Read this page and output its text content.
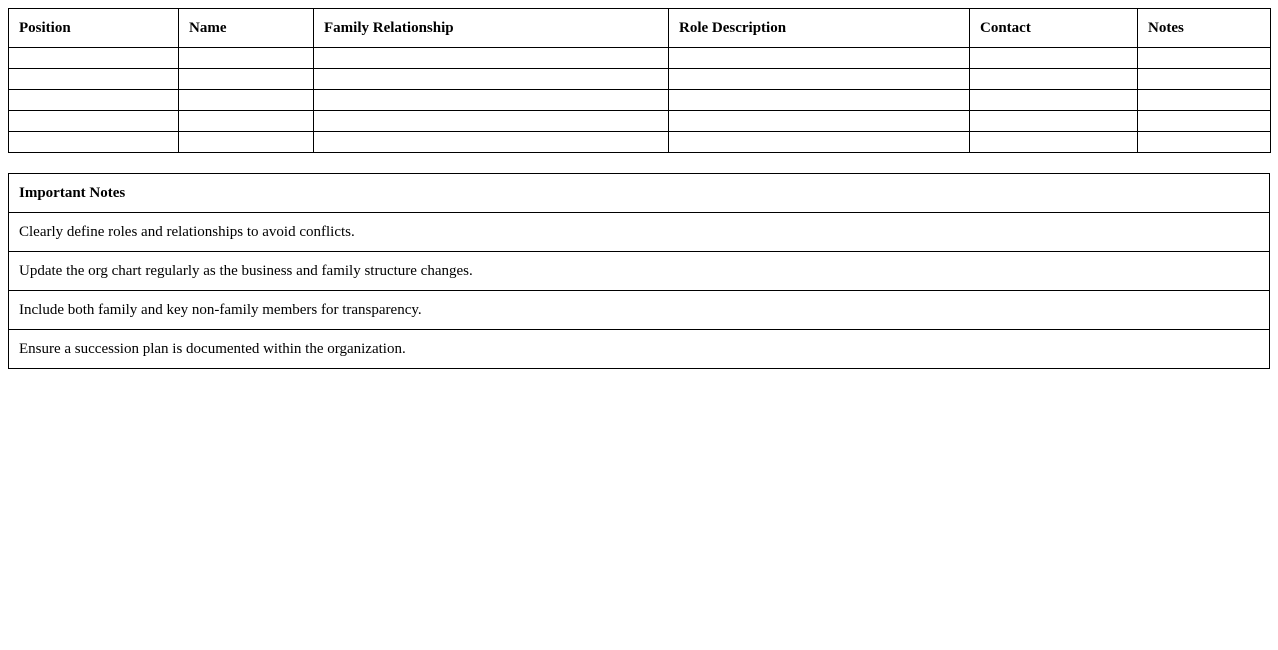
Position	Name	Family Relationship	Role Description	Contact	Notes

Important Notes
Clearly define roles and relationships to avoid conflicts.
Update the org chart regularly as the business and family structure changes.
Include both family and key non-family members for transparency.
Ensure a succession plan is documented within the organization.
